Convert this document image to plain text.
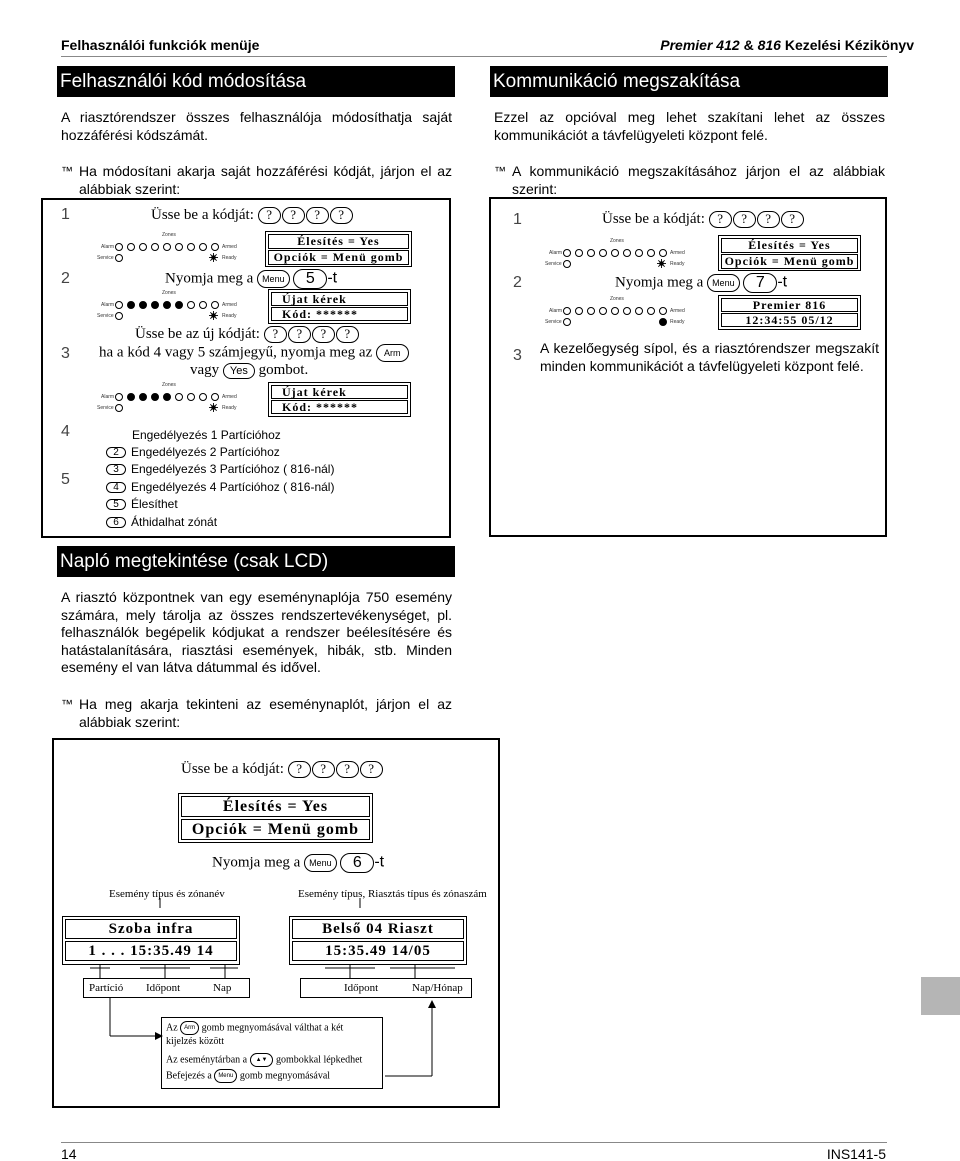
Felhasználói funkciók menüje	Premier 412 & 816 Kezelési Kézikönyv
Felhasználói kód módosítása
A riasztórendszer összes felhasználója módosíthatja saját hozzáférési kódszámát.
™ Ha módosítani akarja saját hozzáférési kódját, járjon el az alábbiak szerint:
1
2
3
4
5
Üsse be a kódját: ? ? ? ?
Zones
Alarm	Armed
Service	Ready
Élesítés = Yes
Opciók = Menü gomb
Nyomja meg a Menu 5 -t
Zones
Alarm	Armed
Service	Ready
Újat kérek
Kód: ******
Üsse be az új kódját: ? ? ? ?
ha a kód 4 vagy 5 számjegyű, nyomja meg az Arm
vagy Yes gombot.
Zones
Alarm	Armed
Service	Ready
Újat kérek
Kód: ******
Engedélyezés 1 Partícióhoz
2 Engedélyezés 2 Partícióhoz
3 Engedélyezés 3 Partícióhoz ( 816-nál)
4 Engedélyezés 4 Partícióhoz ( 816-nál)
5 Élesíthet
6 Áthidalhat zónát
Kommunikáció megszakítása
Ezzel az opcióval meg lehet szakítani lehet az összes kommunikációt a távfelügyeleti központ felé.
™ A kommunikáció megszakításához járjon el az alábbiak szerint:
1
2
3
Üsse be a kódját: ? ? ? ?
Zones
Alarm	Armed
Service	Ready
Élesítés = Yes
Opciók = Menü gomb
Nyomja meg a Menu 7 -t
Zones
Alarm	Armed
Service	Ready
Premier 816
12:34:55 05/12
A kezelőegység sípol, és a riasztórendszer megszakít minden kommunikációt a távfelügyeleti központ felé.
Napló megtekintése (csak LCD)
A riasztó központnek van egy eseménynaplója 750 esemény számára, mely tárolja az összes rendszertevékenységet, pl. felhasználók begépelik kódjukat a rendszer beélesítésére és hatástalanítására, riasztási események, hibák, stb. Minden esemény el van látva dátummal és idővel.
™ Ha meg akarja tekinteni az eseménynaplót, járjon el az alábbiak szerint:
Üsse be a kódját: ? ? ? ?
Élesítés = Yes
Opciók = Menü gomb
Nyomja meg a Menu 6 -t
Esemény típus és zónanév	Esemény típus, Riasztás típus és zónaszám
Szoba infra
1 . . . 15:35.49 14
Belső 04 Riaszt
15:35.49 14/05
Partíció Időpont	Nap	Időpont	Nap/Hónap
Az Arm gomb megnyomásával válthat a két
kijelzés között
Az eseménytárban a ▲▼ gombokkal lépkedhet
Befejezés a Menu gomb megnyomásával
14	INS141-5
